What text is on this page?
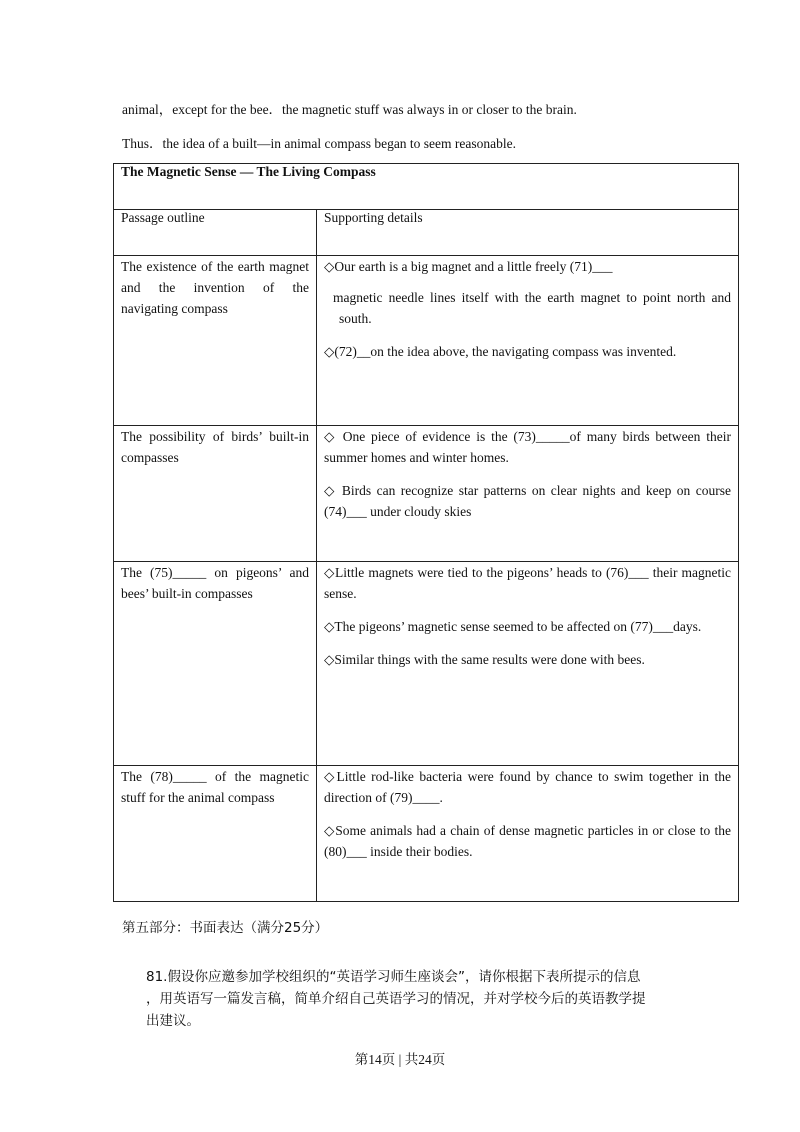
animal，except for the bee．the magnetic stuff was always in or closer to the brain.
Thus．the idea of a built—in animal compass began to seem reasonable.
The Magnetic Sense — The Living Compass	
Passage outline	Supporting details
The existence of the earth magnet and the invention of the navigating compass	◇Our earth is a big magnet and a little freely (71)___
magnetic needle lines itself with the earth magnet to point north and south.
◇(72)__on the idea above, the navigating compass was invented.

The possibility of birds’ built-in compasses	◇ One piece of evidence is the (73)_____of many birds between their summer homes and winter homes.
◇ Birds can recognize star patterns on clear nights and keep on course (74)___ under cloudy skies

The (75)_____ on pigeons’ and bees’ built-in compasses	◇Little magnets were tied to the pigeons’ heads to (76)___ their magnetic sense.
◇The pigeons’ magnetic sense seemed to be affected on (77)___days.
◇Similar things with the same results were done with bees.

The (78)_____ of the magnetic stuff for the animal compass	◇Little rod-like bacteria were found by chance to swim together in the direction of (79)____.
◇Some animals had a chain of dense magnetic particles in or close to the (80)___ inside their bodies.
第五部分：书面表达（满分25分）
81.假设你应邀参加学校组织的“英语学习师生座谈会”，请你根据下表所提示的信息
，用英语写一篇发言稿，简单介绍自己英语学习的情况，并对学校今后的英语教学提
出建议。
第14页 | 共24页
